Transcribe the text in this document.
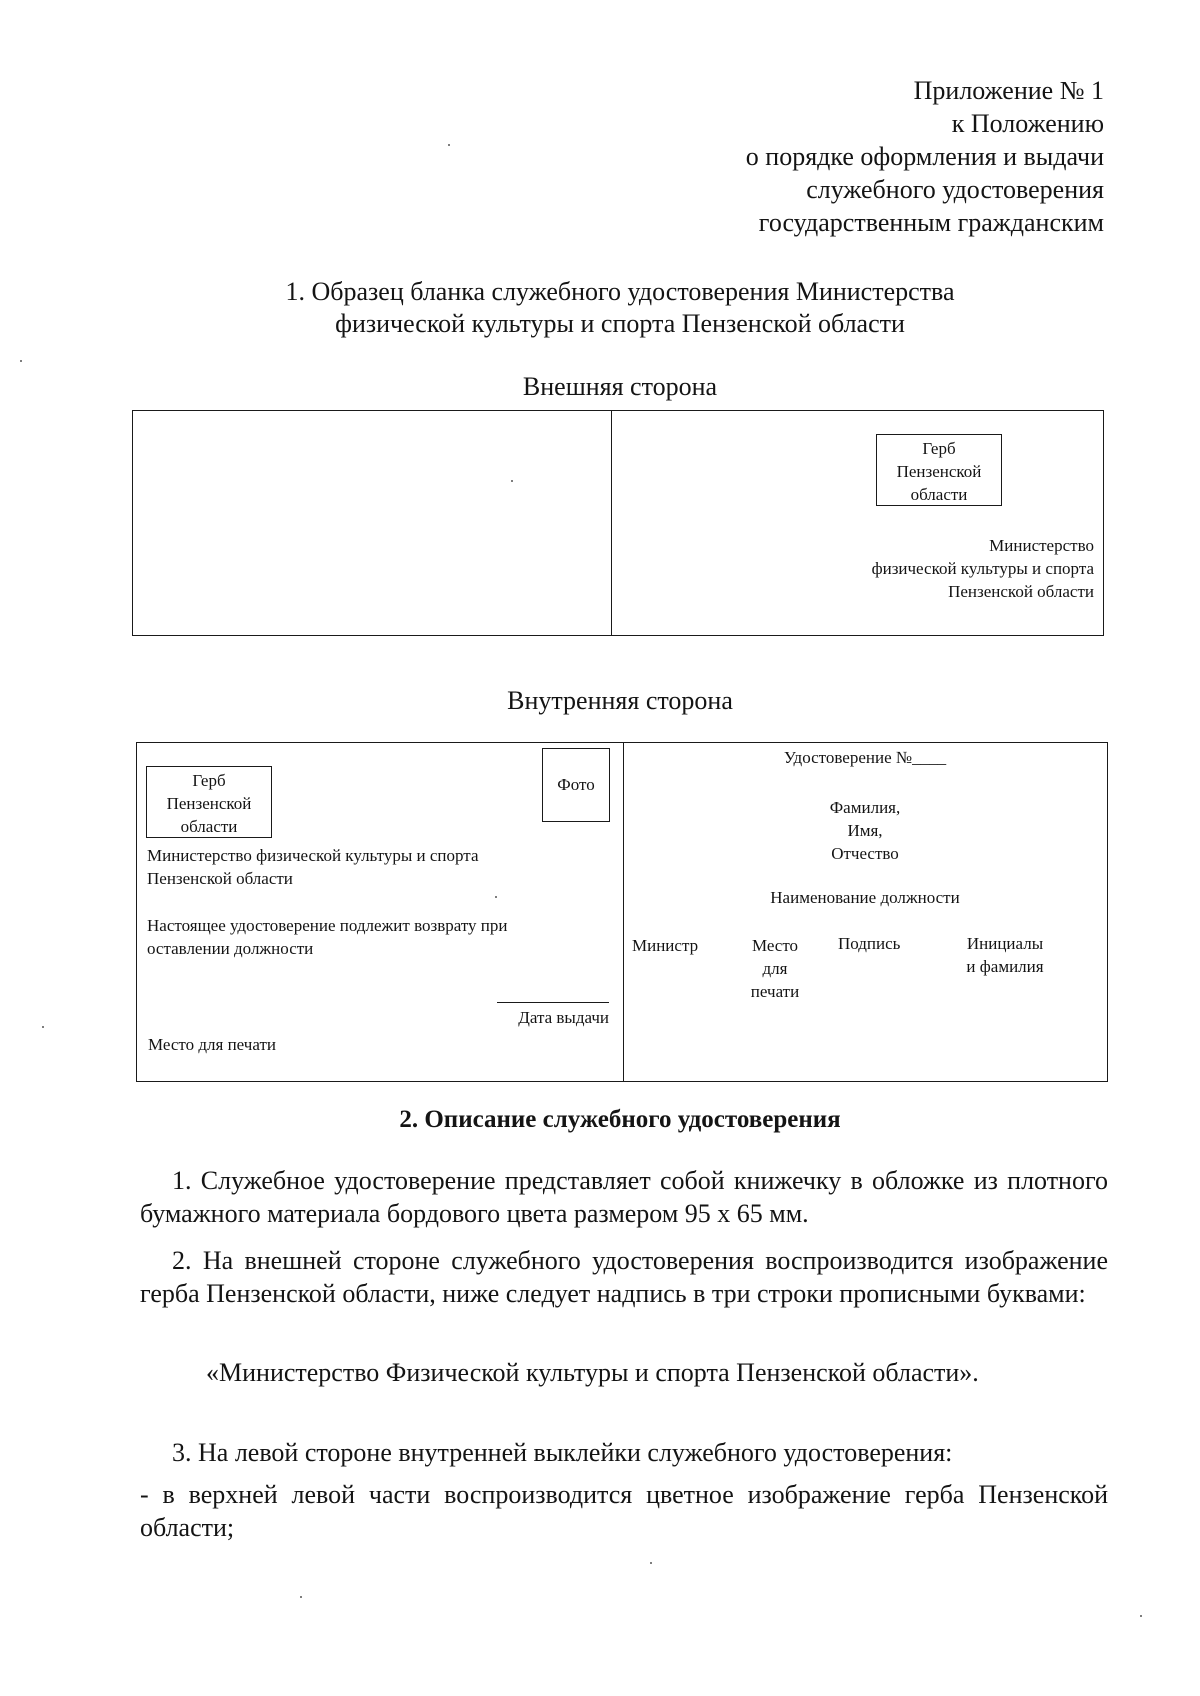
Приложение № 1
к Положению
о порядке оформления и выдачи
служебного удостоверения
государственным гражданским
1. Образец бланка служебного удостоверения Министерства
физической культуры и спорта Пензенской области
Внешняя сторона
Герб
Пензенской
области
Министерство
физической культуры и спорта
Пензенской области
Внутренняя сторона
Герб
Пензенской
области
Фото
Министерство физической культуры и спорта
Пензенской области
Настоящее удостоверение подлежит возврату при
оставлении должности
Дата выдачи
Место для печати
Удостоверение №____
Фамилия,
Имя,
Отчество
Наименование должности
Министр	Место
для
печати
Подпись	Инициалы
и фамилия
2. Описание служебного удостоверения
1. Служебное удостоверение представляет собой книжечку в обложке из плотного бумажного материала бордового цвета размером 95 х 65 мм.
2. На внешней стороне служебного удостоверения воспроизводится изображение герба Пензенской области, ниже следует надпись в три строки прописными буквами:
«Министерство Физической культуры и спорта Пензенской области».
3. На левой стороне внутренней выклейки служебного удостоверения:
- в верхней левой части воспроизводится цветное изображение герба Пензенской области;
